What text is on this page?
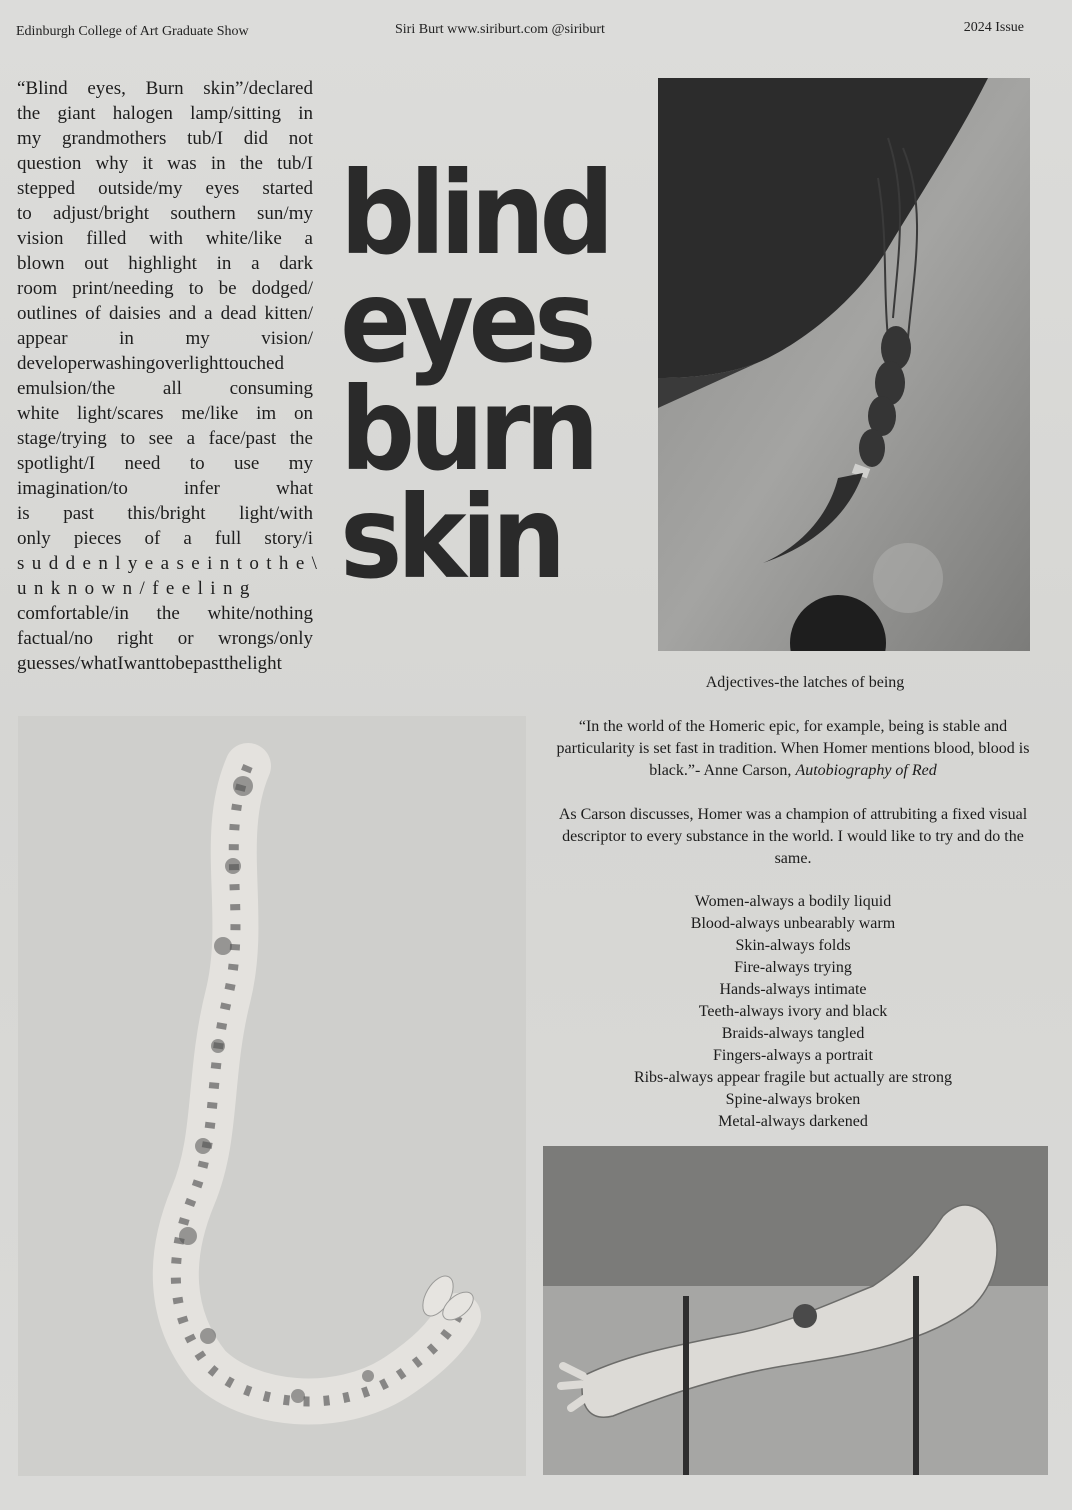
Edinburgh College of Art Graduate Show	Siri Burt www.siriburt.com @siriburt	2024 Issue
“Blind eyes, Burn skin”/declared
the giant halogen lamp/sitting in
my grandmothers tub/I did not
question why it was in the tub/I
stepped outside/my eyes started
to adjust/bright southern sun/my
vision filled with white/like a
blown out highlight in a dark
room print/needing to be dodged/
outlines of daisies and a dead kitten/
appear in my vision/
developerwashingoverlighttouched
emulsion/the all consuming
white light/scares me/like im on
stage/trying to see a face/past the
spotlight/I need to use my
imagination/to infer what
is past this/bright light/with
only pieces of a full story/i
suddenlyeaseintothe\
unknown/feeling
comfortable/in the white/nothing
factual/no right or wrongs/only
guesses/whatIwanttobepastthelight
blind
eyes
burn
skin
Adjectives-the latches of being
“In the world of the Homeric epic, for example, being is stable and particularity is set fast in tradition. When Homer mentions blood, blood is black.”- Anne Carson, Autobiography of Red
As Carson discusses, Homer was a champion of attrubiting a fixed visual descriptor to every substance in the world. I would like to try and do the same.
Women-always a bodily liquid
Blood-always unbearably warm
Skin-always folds
Fire-always trying
Hands-always intimate
Teeth-always ivory and black
Braids-always tangled
Fingers-always a portrait
Ribs-always appear fragile but actually are strong
Spine-always broken
Metal-always darkened
